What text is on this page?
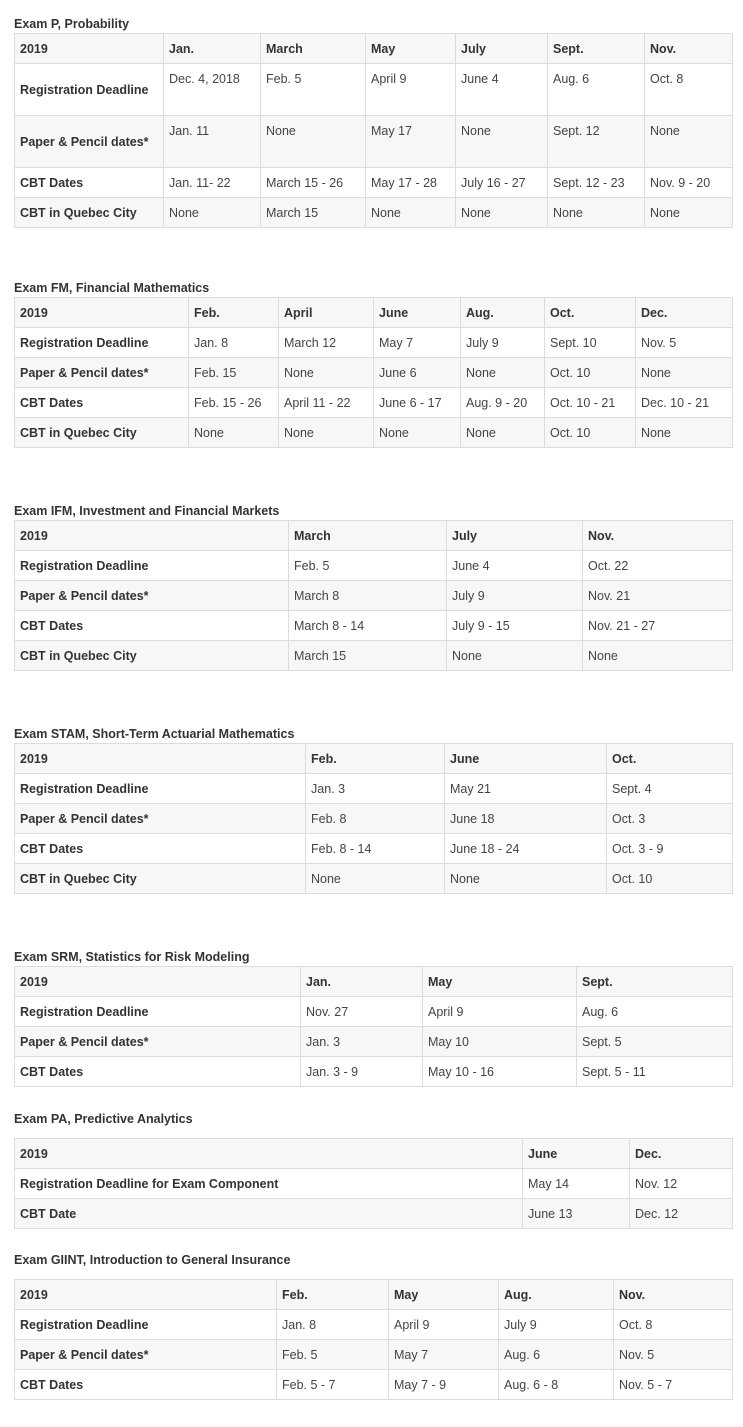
Exam P, Probability
2019	Jan.	March	May	July	Sept.	Nov.
Registration Deadline	Dec. 4, 2018	Feb. 5	April 9	June 4	Aug. 6	Oct. 8
Paper & Pencil dates*	Jan. 11	None	May 17	None	Sept. 12	None
CBT Dates	Jan. 11- 22	March 15 - 26	May 17 - 28	July 16 - 27	Sept. 12 - 23	Nov. 9 - 20
CBT in Quebec City	None	March 15	None	None	None	None
Exam FM, Financial Mathematics
2019	Feb.	April	June	Aug.	Oct.	Dec.
Registration Deadline	Jan. 8	March 12	May 7	July 9	Sept. 10	Nov. 5
Paper & Pencil dates*	Feb. 15	None	June 6	None	Oct. 10	None
CBT Dates	Feb. 15 - 26	April 11 - 22	June 6 - 17	Aug. 9 - 20	Oct. 10 - 21	Dec. 10 - 21
CBT in Quebec City	None	None	None	None	Oct. 10	None
Exam IFM, Investment and Financial Markets
2019	March	July	Nov.
Registration Deadline	Feb. 5	June 4	Oct. 22
Paper & Pencil dates*	March 8	July 9	Nov. 21
CBT Dates	March 8 - 14	July 9 - 15	Nov. 21 - 27
CBT in Quebec City	March 15	None	None
Exam STAM, Short-Term Actuarial Mathematics
2019	Feb.	June	Oct.
Registration Deadline	Jan. 3	May 21	Sept. 4
Paper & Pencil dates*	Feb. 8	June 18	Oct. 3
CBT Dates	Feb. 8 - 14	June 18 - 24	Oct. 3 - 9
CBT in Quebec City	None	None	Oct. 10
Exam SRM, Statistics for Risk Modeling
2019	Jan.	May	Sept.
Registration Deadline	Nov. 27	April 9	Aug. 6
Paper & Pencil dates*	Jan. 3	May 10	Sept. 5
CBT Dates	Jan. 3 - 9	May 10 - 16	Sept. 5 - 11
Exam PA, Predictive Analytics
2019	June	Dec.
Registration Deadline for Exam Component	May 14	Nov. 12
CBT Date	June 13	Dec. 12
Exam GIINT, Introduction to General Insurance
2019	Feb.	May	Aug.	Nov.
Registration Deadline	Jan. 8	April 9	July 9	Oct. 8
Paper & Pencil dates*	Feb. 5	May 7	Aug. 6	Nov. 5
CBT Dates	Feb. 5 - 7	May 7 - 9	Aug. 6 - 8	Nov. 5 - 7
